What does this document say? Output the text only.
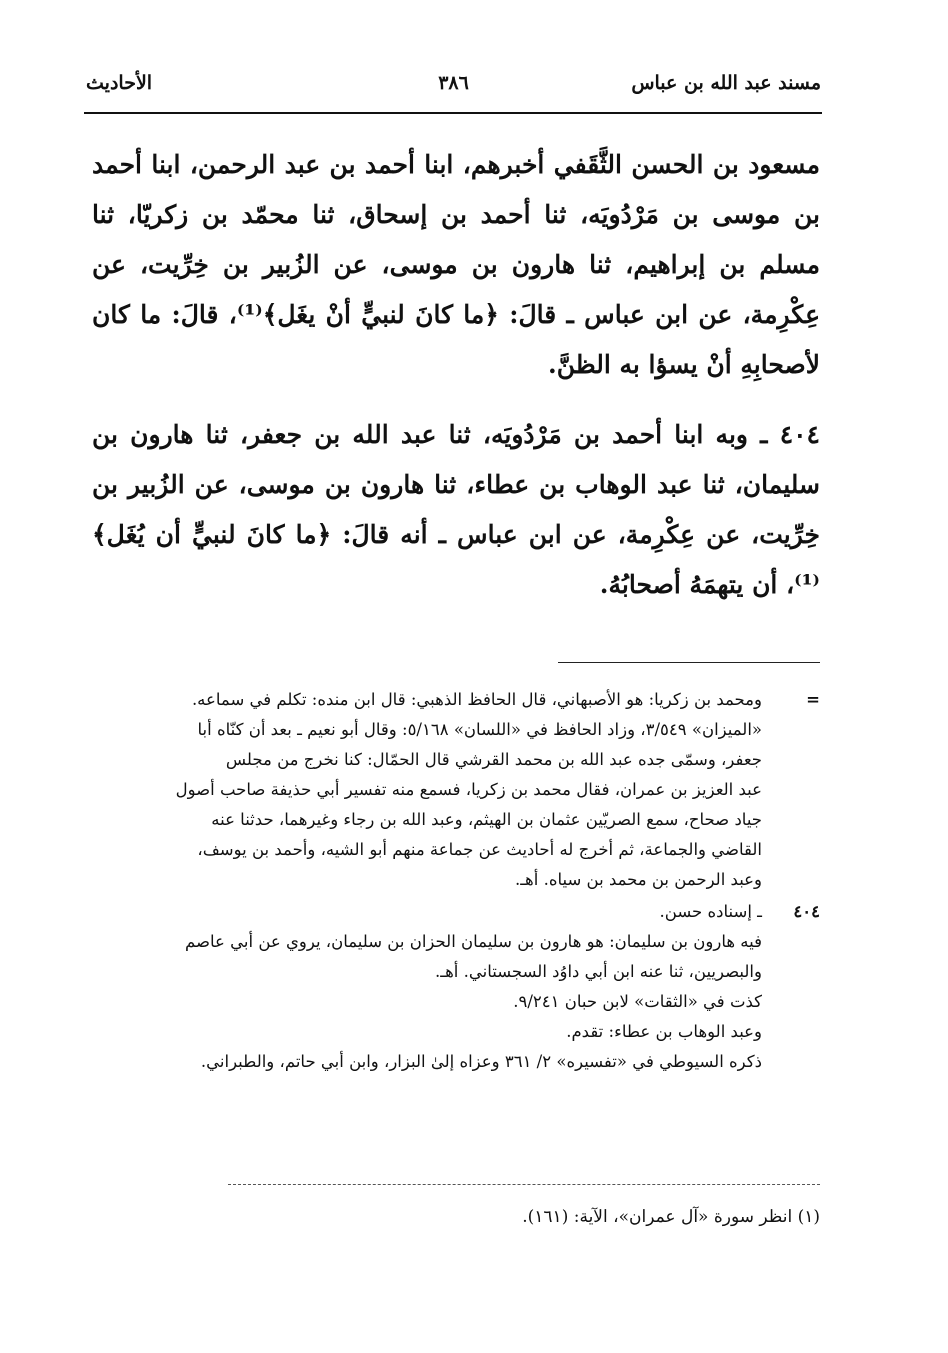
مسند عبد الله بن عباس
٣٨٦
الأحاديث

مسعود بن الحسن الثَّقَفي أخبرهم، ابنا أحمد بن عبد الرحمن، ابنا أحمد بن موسى بن مَرْدُويَه، ثنا أحمد بن إسحاق، ثنا محمّد بن زكريّا، ثنا مسلم بن إبراهيم، ثنا هارون بن موسى، عن الزُبير بن خِرِّيت، عن عِكْرِمة، عن ابن عباس ـ قالَ: ﴿ما كانَ لنبيٍّ أنْ يغَل﴾⁽¹⁾، قالَ: ما كان لأصحابِهِ أنْ يسؤا به الظنَّ.

٤٠٤ ـ وبه ابنا أحمد بن مَرْدُويَه، ثنا عبد الله بن جعفر، ثنا هارون بن سليمان، ثنا عبد الوهاب بن عطاء، ثنا هارون بن موسى، عن الزُبير بن خِرِّيت، عن عِكْرِمة، عن ابن عباس ـ أنه قالَ: ﴿ما كانَ لنبيٍّ أن يُغَل﴾⁽¹⁾، أن يتهمَهُ أصحابُهُ.

=
ومحمد بن زكريا: هو الأصبهاني، قال الحافظ الذهبي: قال ابن منده: تكلم في سماعه.
«الميزان» ٣/٥٤٩، وزاد الحافظ في «اللسان» ٥/١٦٨: وقال أبو نعيم ـ بعد أن كنّاه أبا
جعفر، وسمّى جده عبد الله بن محمد القرشي قال الحمّال: كنا نخرج من مجلس
عبد العزيز بن عمران، فقال محمد بن زكريا، فسمع منه تفسير أبي حذيفة صاحب أصول
جياد صحاح، سمع الصريّين عثمان بن الهيثم، وعبد الله بن رجاء وغيرهما، حدثنا عنه
القاضي والجماعة، ثم أخرج له أحاديث عن جماعة منهم أبو الشيه، وأحمد بن يوسف،
وعبد الرحمن بن محمد بن سياه. أهـ.
٤٠٤
ـ إسناده حسن.
فيه هارون بن سليمان: هو هارون بن سليمان الحزان بن سليمان، يروي عن أبي عاصم
والبصريين، ثنا عنه ابن أبي داوُد السجستاني. أهـ.
كذت في «الثقات» لابن حبان ٩/٢٤١.
وعبد الوهاب بن عطاء: تقدم.
ذكره السيوطي في «تفسيره» ٢/ ٣٦١ وعزاه إلىٰ البزار، وابن أبي حاتم، والطبراني.
(١) انظر سورة «آل عمران»، الآية: (١٦١).
